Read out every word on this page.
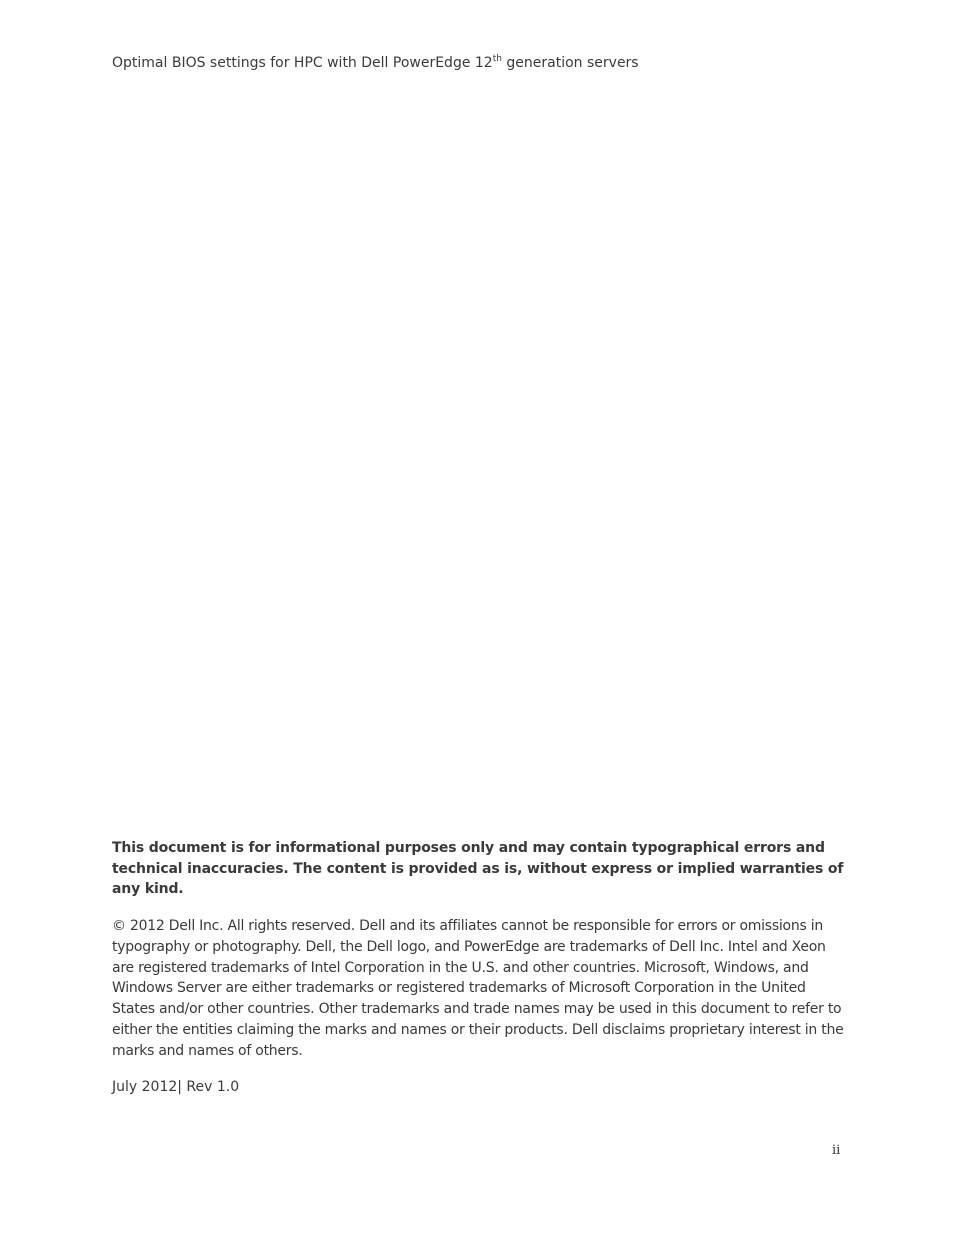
Optimal BIOS settings for HPC with Dell PowerEdge 12th generation servers

This document is for informational purposes only and may contain typographical errors and technical inaccuracies. The content is provided as is, without express or implied warranties of any kind.

© 2012 Dell Inc. All rights reserved. Dell and its affiliates cannot be responsible for errors or omissions in typography or photography. Dell, the Dell logo, and PowerEdge are trademarks of Dell Inc. Intel and Xeon are registered trademarks of Intel Corporation in the U.S. and other countries. Microsoft, Windows, and Windows Server are either trademarks or registered trademarks of Microsoft Corporation in the United States and/or other countries. Other trademarks and trade names may be used in this document to refer to either the entities claiming the marks and names or their products. Dell disclaims proprietary interest in the marks and names of others.

July 2012| Rev 1.0

ii
